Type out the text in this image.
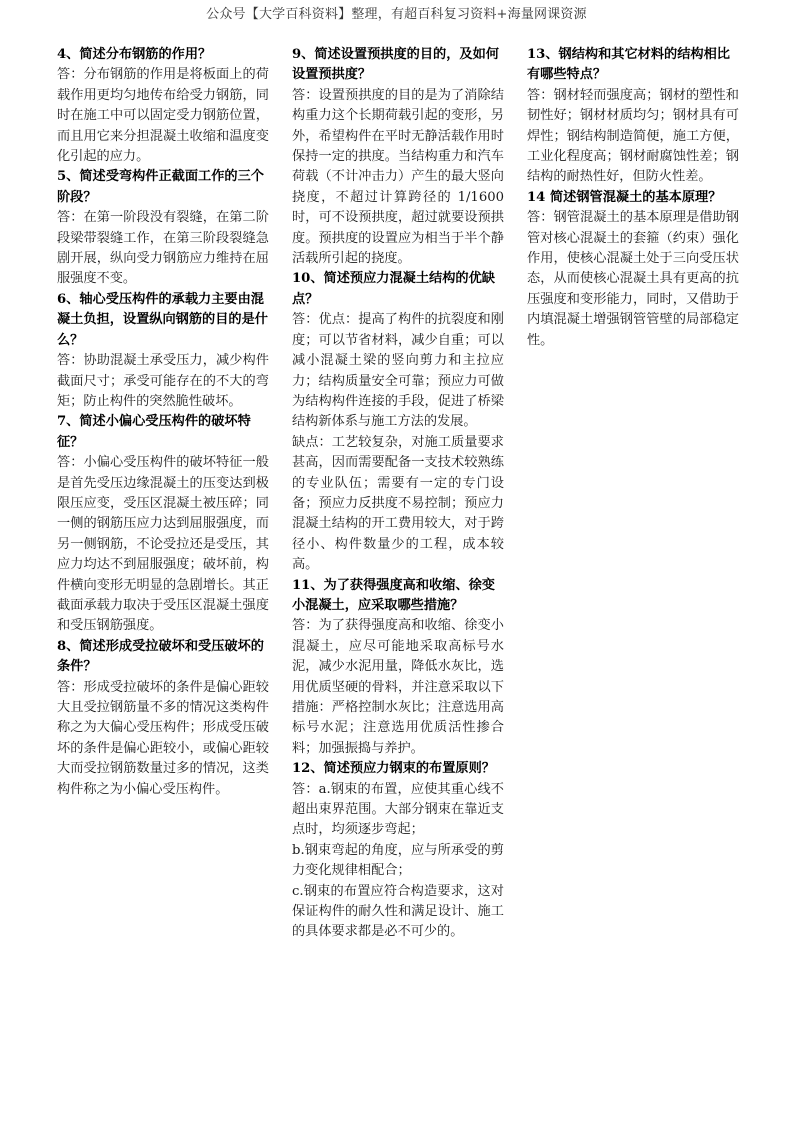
公众号【大学百科资料】整理，有超百科复习资料+海量网课资源

4、简述分布钢筋的作用？

答：分布钢筋的作用是将板面上的荷载作用更均匀地传布给受力钢筋，同时在施工中可以固定受力钢筋位置，而且用它来分担混凝土收缩和温度变化引起的应力。

5、简述受弯构件正截面工作的三个阶段？

答：在第一阶段没有裂缝，在第二阶段梁带裂缝工作，在第三阶段裂缝急剧开展，纵向受力钢筋应力维持在屈服强度不变。

6、轴心受压构件的承载力主要由混凝土负担，设置纵向钢筋的目的是什么？

答：协助混凝土承受压力，减少构件截面尺寸；承受可能存在的不大的弯矩；防止构件的突然脆性破坏。

7、简述小偏心受压构件的破坏特征？

答：小偏心受压构件的破坏特征一般是首先受压边缘混凝土的压变达到极限压应变，受压区混凝土被压碎；同一侧的钢筋压应力达到屈服强度，而另一侧钢筋，不论受拉还是受压，其应力均达不到屈服强度；破坏前，构件横向变形无明显的急剧增长。其正截面承载力取决于受压区混凝土强度和受压钢筋强度。

8、简述形成受拉破坏和受压破坏的条件？

答：形成受拉破坏的条件是偏心距较大且受拉钢筋量不多的情况这类构件称之为大偏心受压构件；形成受压破坏的条件是偏心距较小，或偏心距较大而受拉钢筋数量过多的情况，这类构件称之为小偏心受压构件。

9、简述设置预拱度的目的，及如何设置预拱度？

答：设置预拱度的目的是为了消除结构重力这个长期荷载引起的变形，另外，希望构件在平时无静活载作用时保持一定的拱度。当结构重力和汽车荷载（不计冲击力）产生的最大竖向挠度，不超过计算跨径的 1/1600 时，可不设预拱度，超过就要设预拱度。预拱度的设置应为相当于半个静活载所引起的挠度。

10、简述预应力混凝土结构的优缺点？

答：优点：提高了构件的抗裂度和刚度；可以节省材料，减少自重；可以减小混凝土梁的竖向剪力和主拉应力；结构质量安全可靠；预应力可做为结构构件连接的手段，促进了桥梁结构新体系与施工方法的发展。
缺点：工艺较复杂，对施工质量要求甚高，因而需要配备一支技术较熟练的专业队伍；需要有一定的专门设备；预应力反拱度不易控制；预应力混凝土结构的开工费用较大，对于跨径小、构件数量少的工程，成本较高。

11、为了获得强度高和收缩、徐变小混凝土，应采取哪些措施？

答：为了获得强度高和收缩、徐变小混凝土，应尽可能地采取高标号水泥，减少水泥用量，降低水灰比，选用优质坚硬的骨料，并注意采取以下措施：严格控制水灰比；注意选用高标号水泥；注意选用优质活性掺合料；加强振捣与养护。

12、简述预应力钢束的布置原则？

答：a.钢束的布置，应使其重心线不超出束界范围。大部分钢束在靠近支点时，均须逐步弯起；
b.钢束弯起的角度，应与所承受的剪力变化规律相配合；
c.钢束的布置应符合构造要求，这对保证构件的耐久性和满足设计、施工的具体要求都是必不可少的。

13、钢结构和其它材料的结构相比有哪些特点？

答：钢材轻而强度高；钢材的塑性和韧性好；钢材材质均匀；钢材具有可焊性；钢结构制造简便，施工方便，工业化程度高；钢材耐腐蚀性差；钢结构的耐热性好，但防火性差。

14 简述钢管混凝土的基本原理？

答：钢管混凝土的基本原理是借助钢管对核心混凝土的套箍（约束）强化作用，使核心混凝土处于三向受压状态，从而使核心混凝土具有更高的抗压强度和变形能力，同时，又借助于内填混凝土增强钢管管壁的局部稳定性。
